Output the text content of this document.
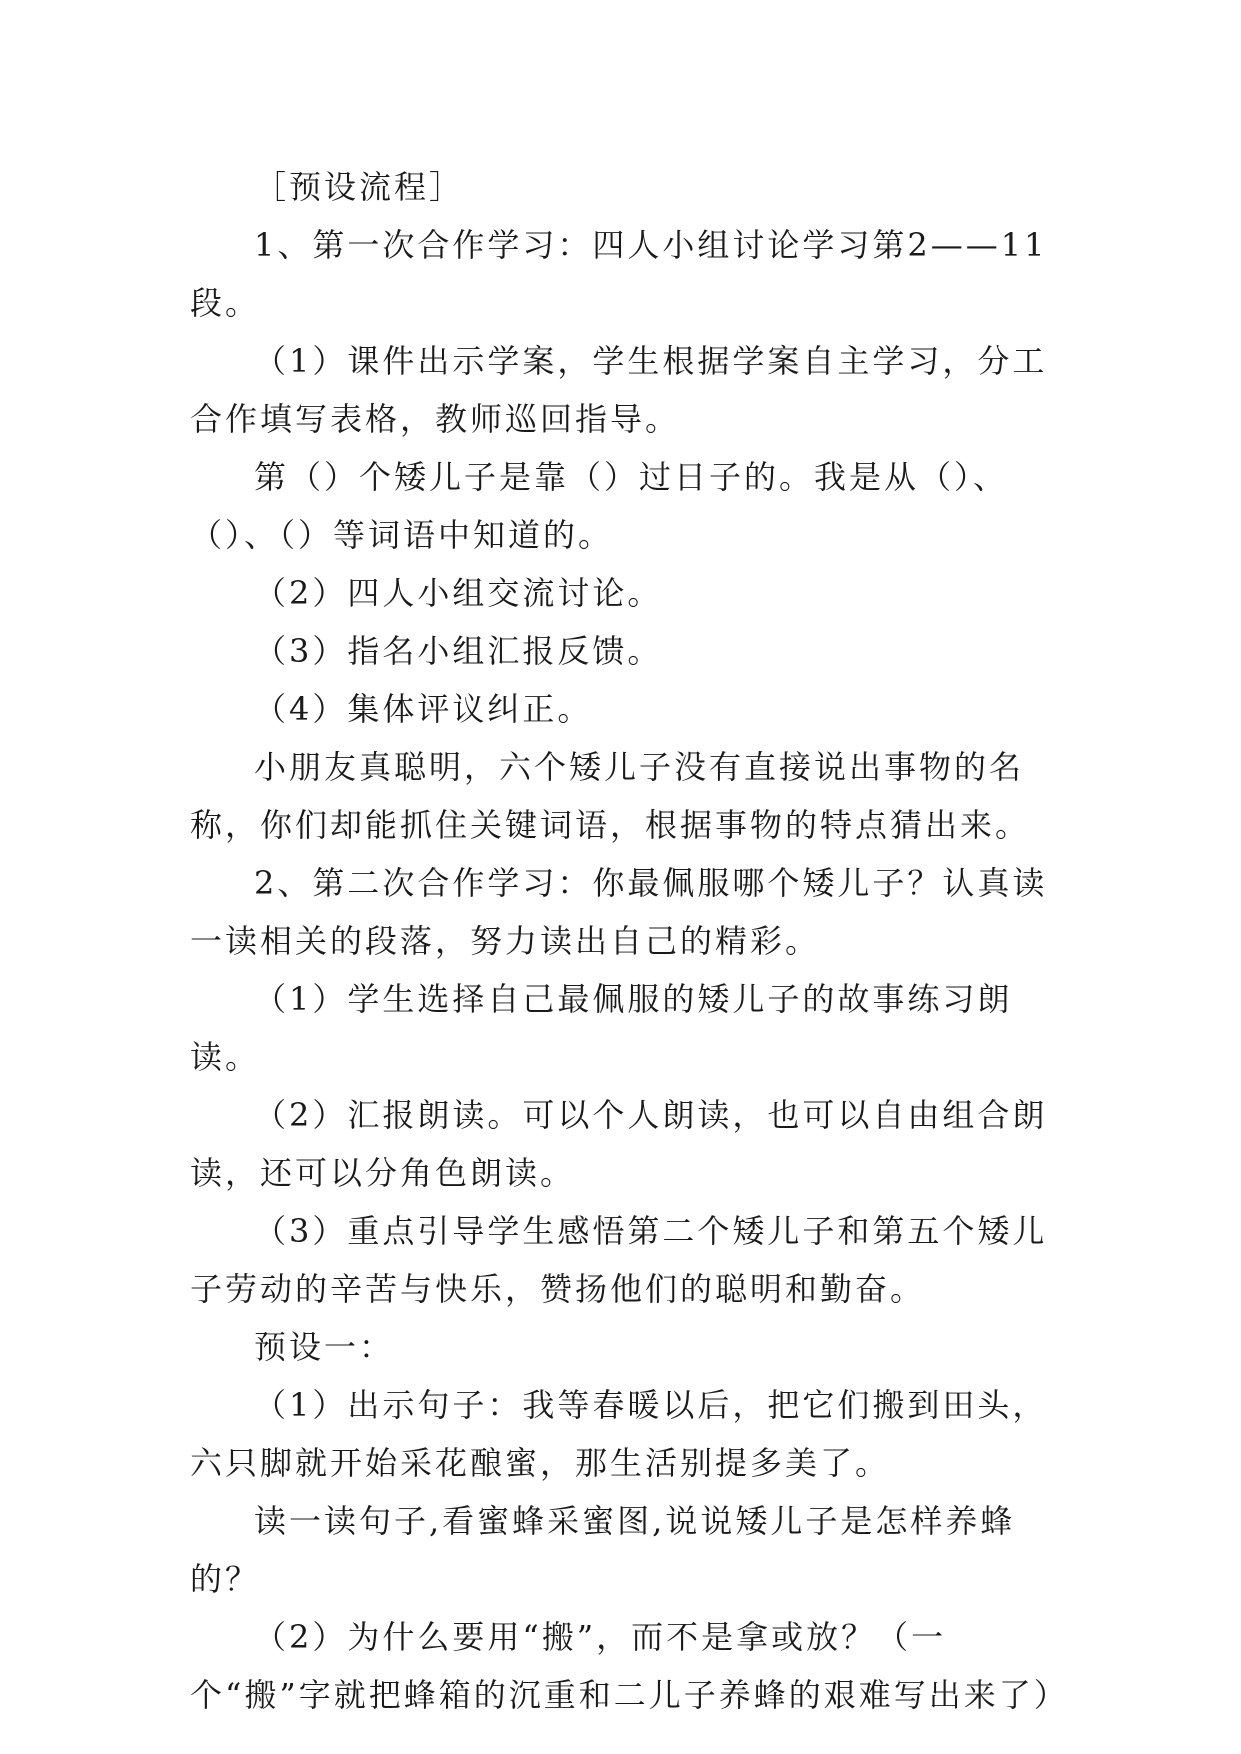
［预设流程］

1、第一次合作学习：四人小组讨论学习第2——11段。

（1）课件出示学案，学生根据学案自主学习，分工合作填写表格，教师巡回指导。

第（）个矮儿子是靠（）过日子的。我是从（）、（）、（）等词语中知道的。

（2）四人小组交流讨论。

（3）指名小组汇报反馈。

（4）集体评议纠正。

小朋友真聪明，六个矮儿子没有直接说出事物的名称，你们却能抓住关键词语，根据事物的特点猜出来。

2、第二次合作学习：你最佩服哪个矮儿子？认真读一读相关的段落，努力读出自己的精彩。

（1）学生选择自己最佩服的矮儿子的故事练习朗读。

（2）汇报朗读。可以个人朗读，也可以自由组合朗读，还可以分角色朗读。

（3）重点引导学生感悟第二个矮儿子和第五个矮儿子劳动的辛苦与快乐，赞扬他们的聪明和勤奋。

预设一：

（1）出示句子：我等春暖以后，把它们搬到田头，六只脚就开始采花酿蜜，那生活别提多美了。

读一读句子,看蜜蜂采蜜图,说说矮儿子是怎样养蜂的？

（2）为什么要用“搬”，而不是拿或放？（一个“搬”字就把蜂箱的沉重和二儿子养蜂的艰难写出来了）
